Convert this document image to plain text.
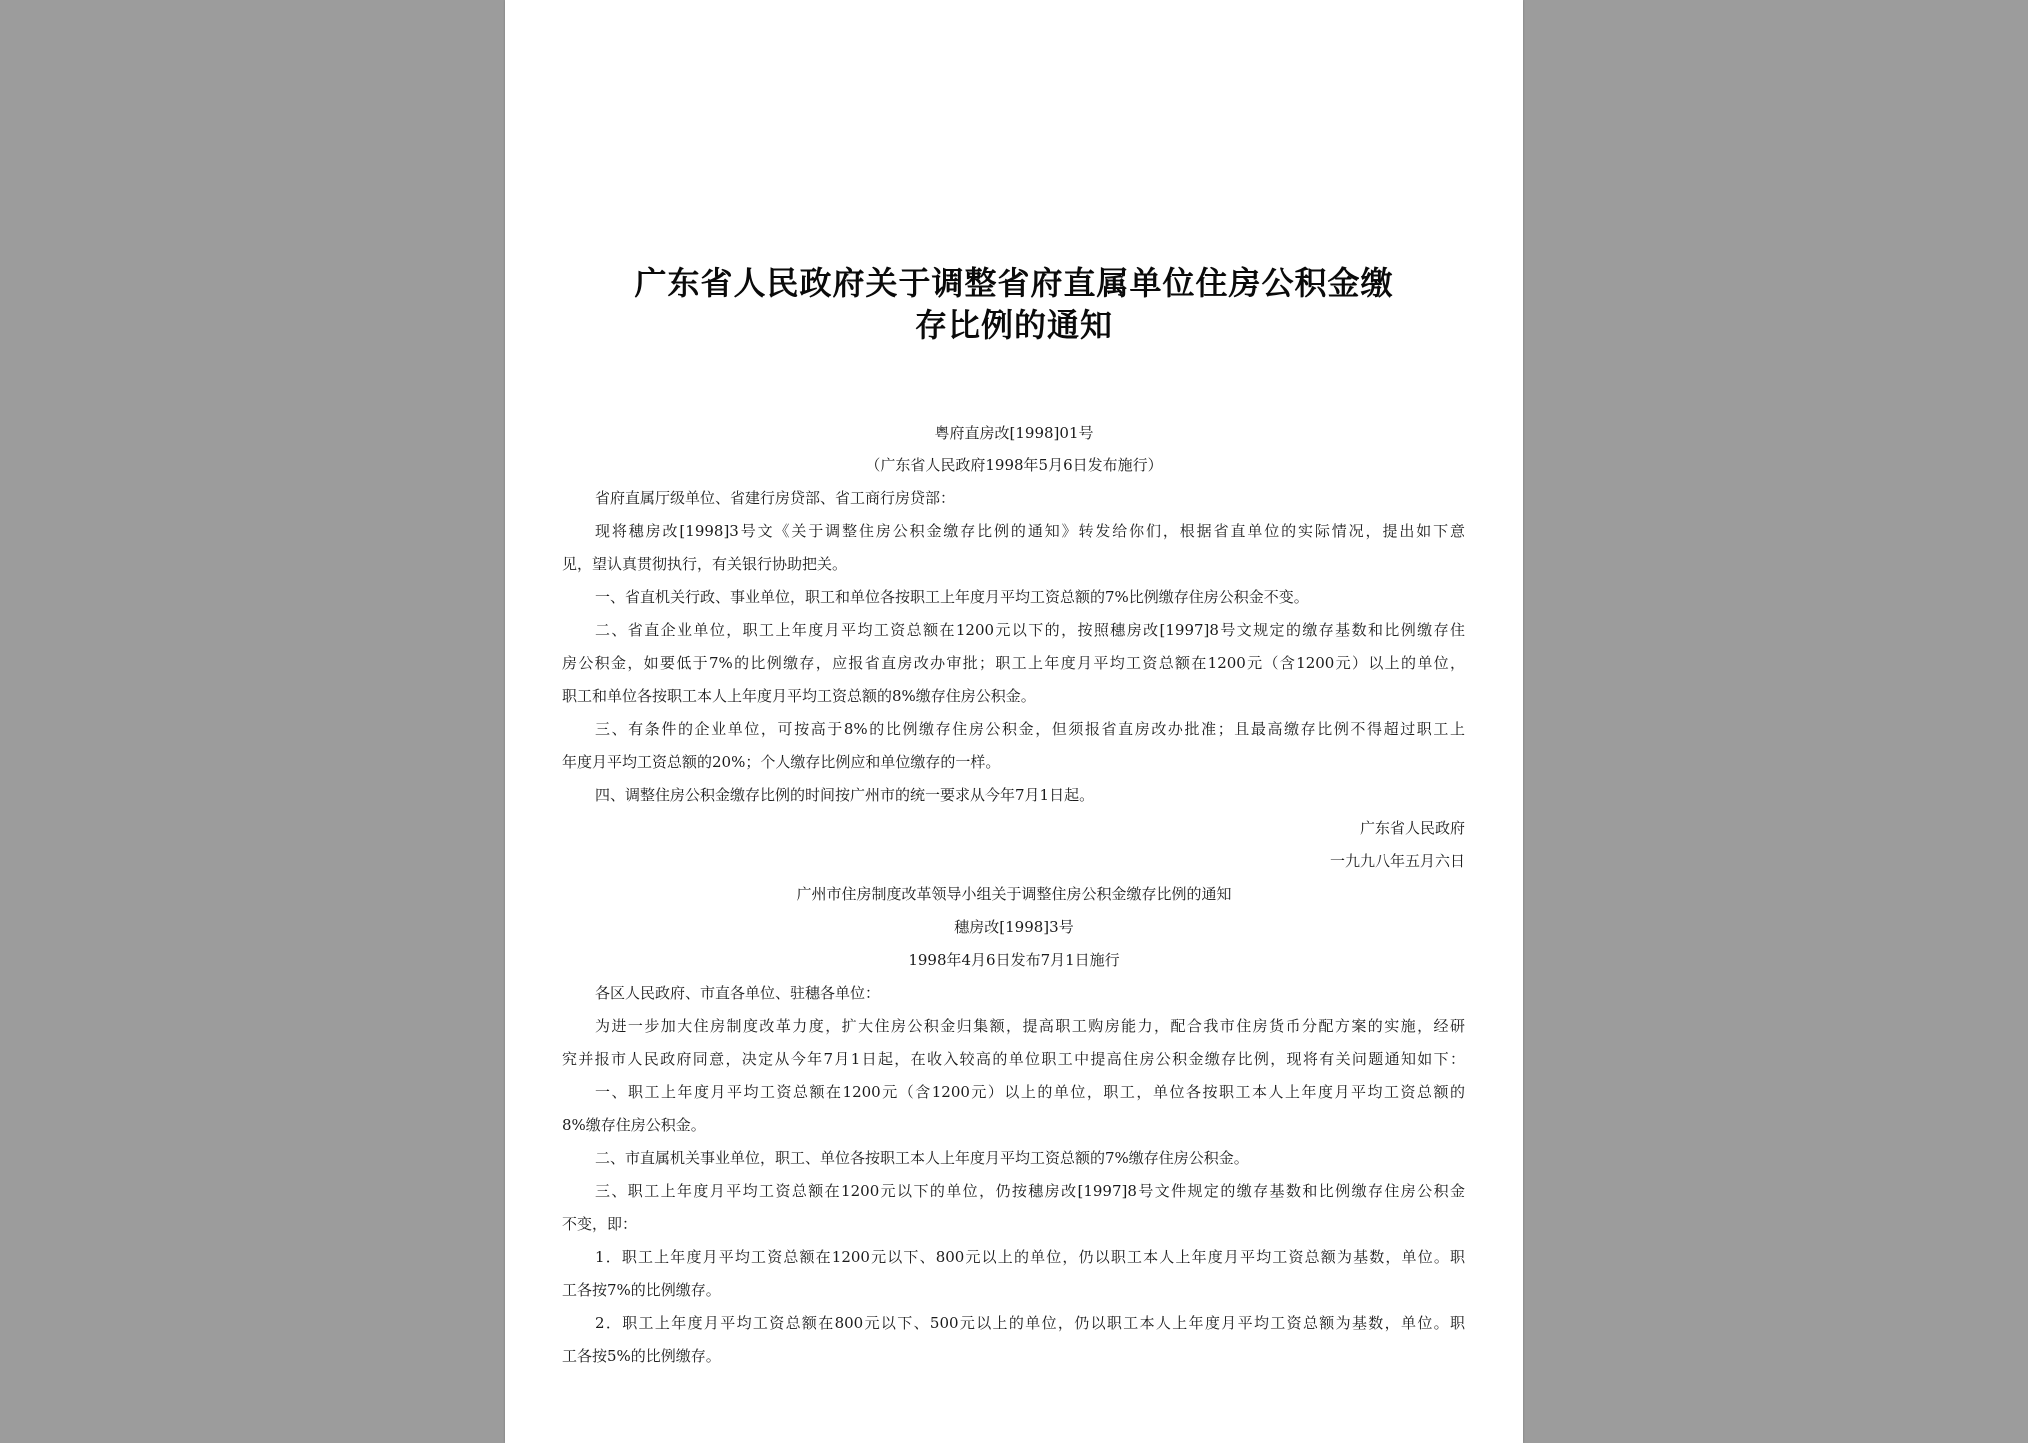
广东省人民政府关于调整省府直属单位住房公积金缴
存比例的通知
粤府直房改[1998]01号
（广东省人民政府1998年5月6日发布施行）
省府直属厅级单位、省建行房贷部、省工商行房贷部：
现将穗房改[1998]3号文《关于调整住房公积金缴存比例的通知》转发给你们，根据省直单位的实际情况，提出如下意
见，望认真贯彻执行，有关银行协助把关。
一、省直机关行政、事业单位，职工和单位各按职工上年度月平均工资总额的7%比例缴存住房公积金不变。
二、省直企业单位，职工上年度月平均工资总额在1200元以下的，按照穗房改[1997]8号文规定的缴存基数和比例缴存住
房公积金，如要低于7%的比例缴存，应报省直房改办审批；职工上年度月平均工资总额在1200元（含1200元）以上的单位，
职工和单位各按职工本人上年度月平均工资总额的8%缴存住房公积金。
三、有条件的企业单位，可按高于8%的比例缴存住房公积金，但须报省直房改办批准；且最高缴存比例不得超过职工上
年度月平均工资总额的20%；个人缴存比例应和单位缴存的一样。
四、调整住房公积金缴存比例的时间按广州市的统一要求从今年7月1日起。
广东省人民政府
一九九八年五月六日
广州市住房制度改革领导小组关于调整住房公积金缴存比例的通知
穗房改[1998]3号
1998年4月6日发布7月1日施行
各区人民政府、市直各单位、驻穗各单位：
为进一步加大住房制度改革力度，扩大住房公积金归集额，提高职工购房能力，配合我市住房货币分配方案的实施，经研
究并报市人民政府同意，决定从今年7月1日起，在收入较高的单位职工中提高住房公积金缴存比例，现将有关问题通知如下：
一、职工上年度月平均工资总额在1200元（含1200元）以上的单位，职工，单位各按职工本人上年度月平均工资总额的
8%缴存住房公积金。
二、市直属机关事业单位，职工、单位各按职工本人上年度月平均工资总额的7%缴存住房公积金。
三、职工上年度月平均工资总额在1200元以下的单位，仍按穗房改[1997]8号文件规定的缴存基数和比例缴存住房公积金
不变，即：
1．职工上年度月平均工资总额在1200元以下、800元以上的单位，仍以职工本人上年度月平均工资总额为基数，单位。职
工各按7%的比例缴存。
2．职工上年度月平均工资总额在800元以下、500元以上的单位，仍以职工本人上年度月平均工资总额为基数，单位。职
工各按5%的比例缴存。
